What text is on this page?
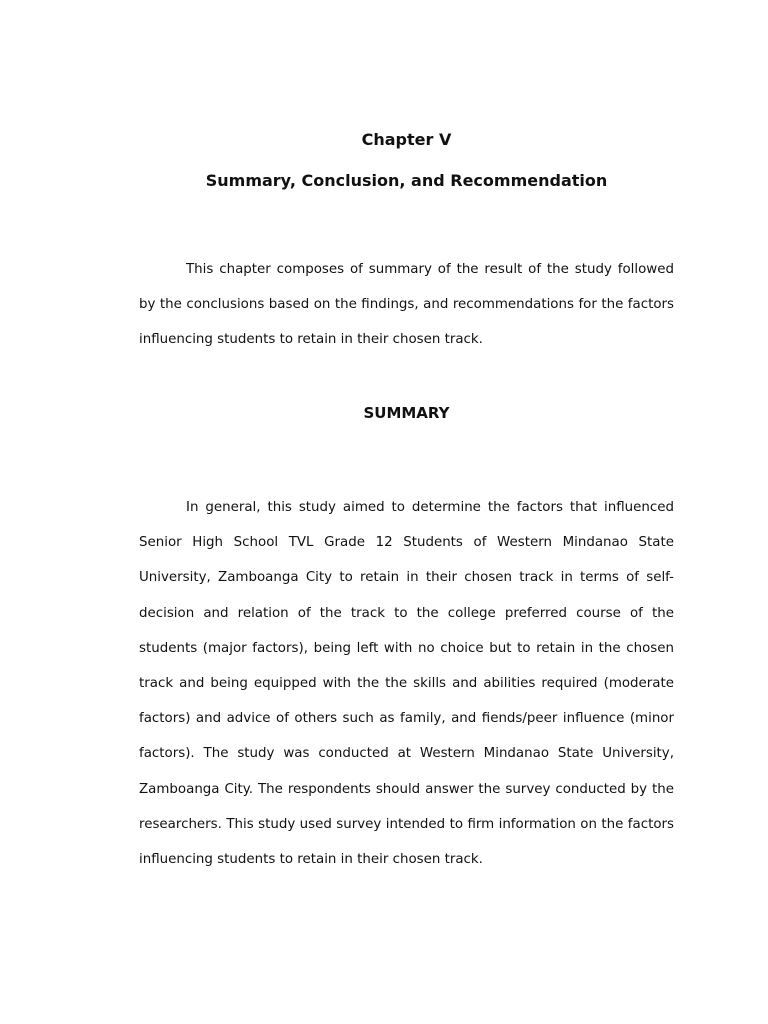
Chapter V
Summary, Conclusion, and Recommendation

This chapter composes of summary of the result of the study followed by the conclusions based on the findings, and recommendations for the factors influencing students to retain in their chosen track.

SUMMARY

In general, this study aimed to determine the factors that influenced Senior High School TVL Grade 12 Students of Western Mindanao State University, Zamboanga City to retain in their chosen track in terms of self-decision and relation of the track to the college preferred course of the students (major factors), being left with no choice but to retain in the chosen track and being equipped with the the skills and abilities required (moderate factors) and advice of others such as family, and fiends/peer influence (minor factors). The study was conducted at Western Mindanao State University, Zamboanga City. The respondents should answer the survey conducted by the researchers. This study used survey intended to firm information on the factors influencing students to retain in their chosen track.
